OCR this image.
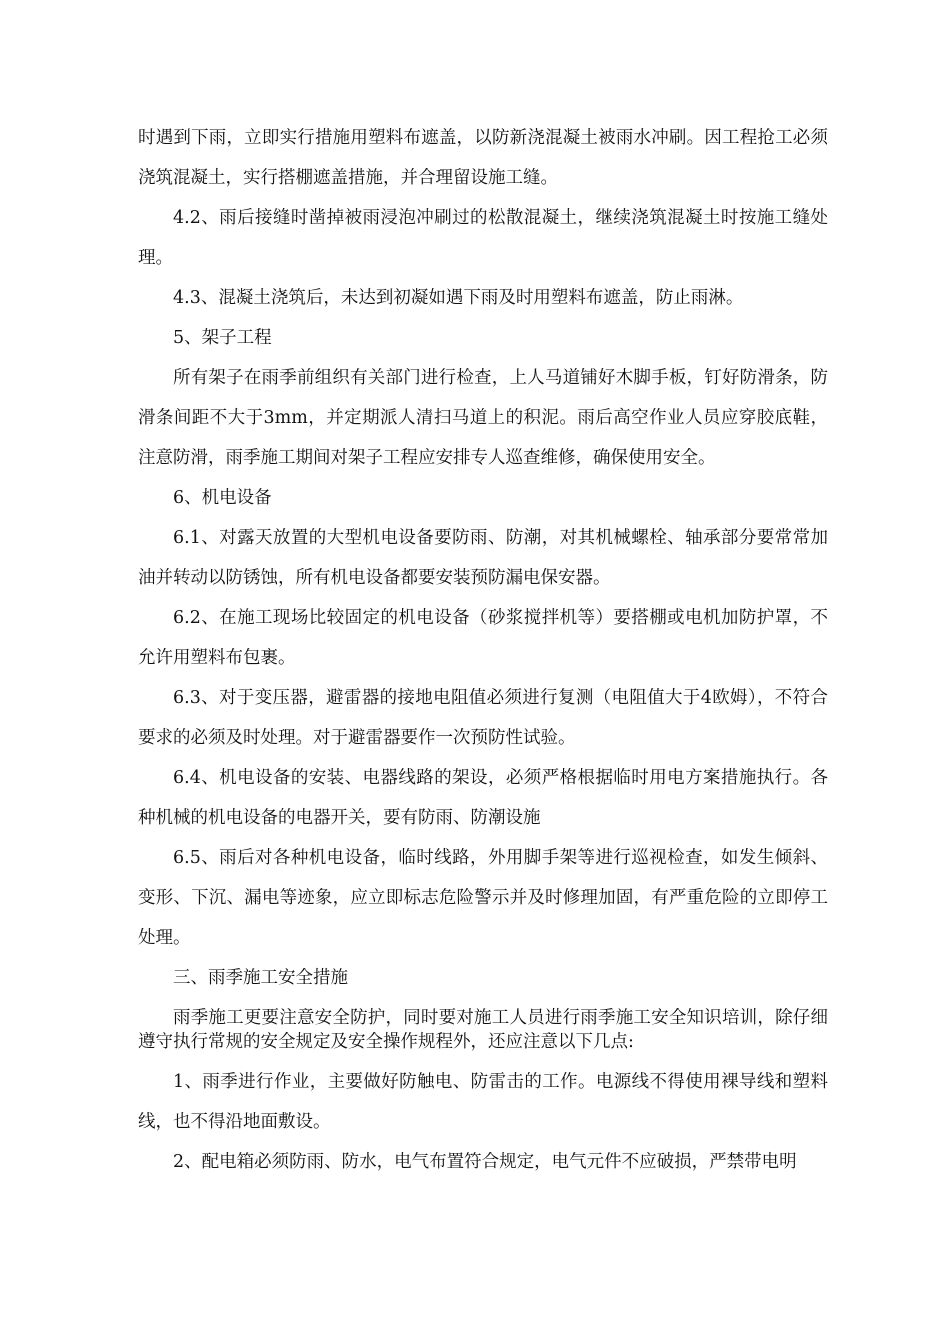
时遇到下雨，立即实行措施用塑料布遮盖，以防新浇混凝土被雨水冲刷。因工程抢工必须浇筑混凝土，实行搭棚遮盖措施，并合理留设施工缝。

4.2、雨后接缝时凿掉被雨浸泡冲刷过的松散混凝土，继续浇筑混凝土时按施工缝处理。

4.3、混凝土浇筑后，未达到初凝如遇下雨及时用塑料布遮盖，防止雨淋。

5、架子工程

所有架子在雨季前组织有关部门进行检查，上人马道铺好木脚手板，钉好防滑条，防滑条间距不大于3mm，并定期派人清扫马道上的积泥。雨后高空作业人员应穿胶底鞋，注意防滑，雨季施工期间对架子工程应安排专人巡查维修，确保使用安全。

6、机电设备

6.1、对露天放置的大型机电设备要防雨、防潮，对其机械螺栓、轴承部分要常常加油并转动以防锈蚀，所有机电设备都要安装预防漏电保安器。

6.2、在施工现场比较固定的机电设备（砂浆搅拌机等）要搭棚或电机加防护罩，不允许用塑料布包裹。

6.3、对于变压器，避雷器的接地电阻值必须进行复测（电阻值大于4欧姆），不符合要求的必须及时处理。对于避雷器要作一次预防性试验。

6.4、机电设备的安装、电器线路的架设，必须严格根据临时用电方案措施执行。各种机械的机电设备的电器开关，要有防雨、防潮设施

6.5、雨后对各种机电设备，临时线路，外用脚手架等进行巡视检查，如发生倾斜、变形、下沉、漏电等迹象，应立即标志危险警示并及时修理加固，有严重危险的立即停工处理。

三、雨季施工安全措施

雨季施工更要注意安全防护，同时要对施工人员进行雨季施工安全知识培训，除仔细遵守执行常规的安全规定及安全操作规程外，还应注意以下几点:

1、雨季进行作业，主要做好防触电、防雷击的工作。电源线不得使用裸导线和塑料线，也不得沿地面敷设。

2、配电箱必须防雨、防水，电气布置符合规定，电气元件不应破损，严禁带电明
